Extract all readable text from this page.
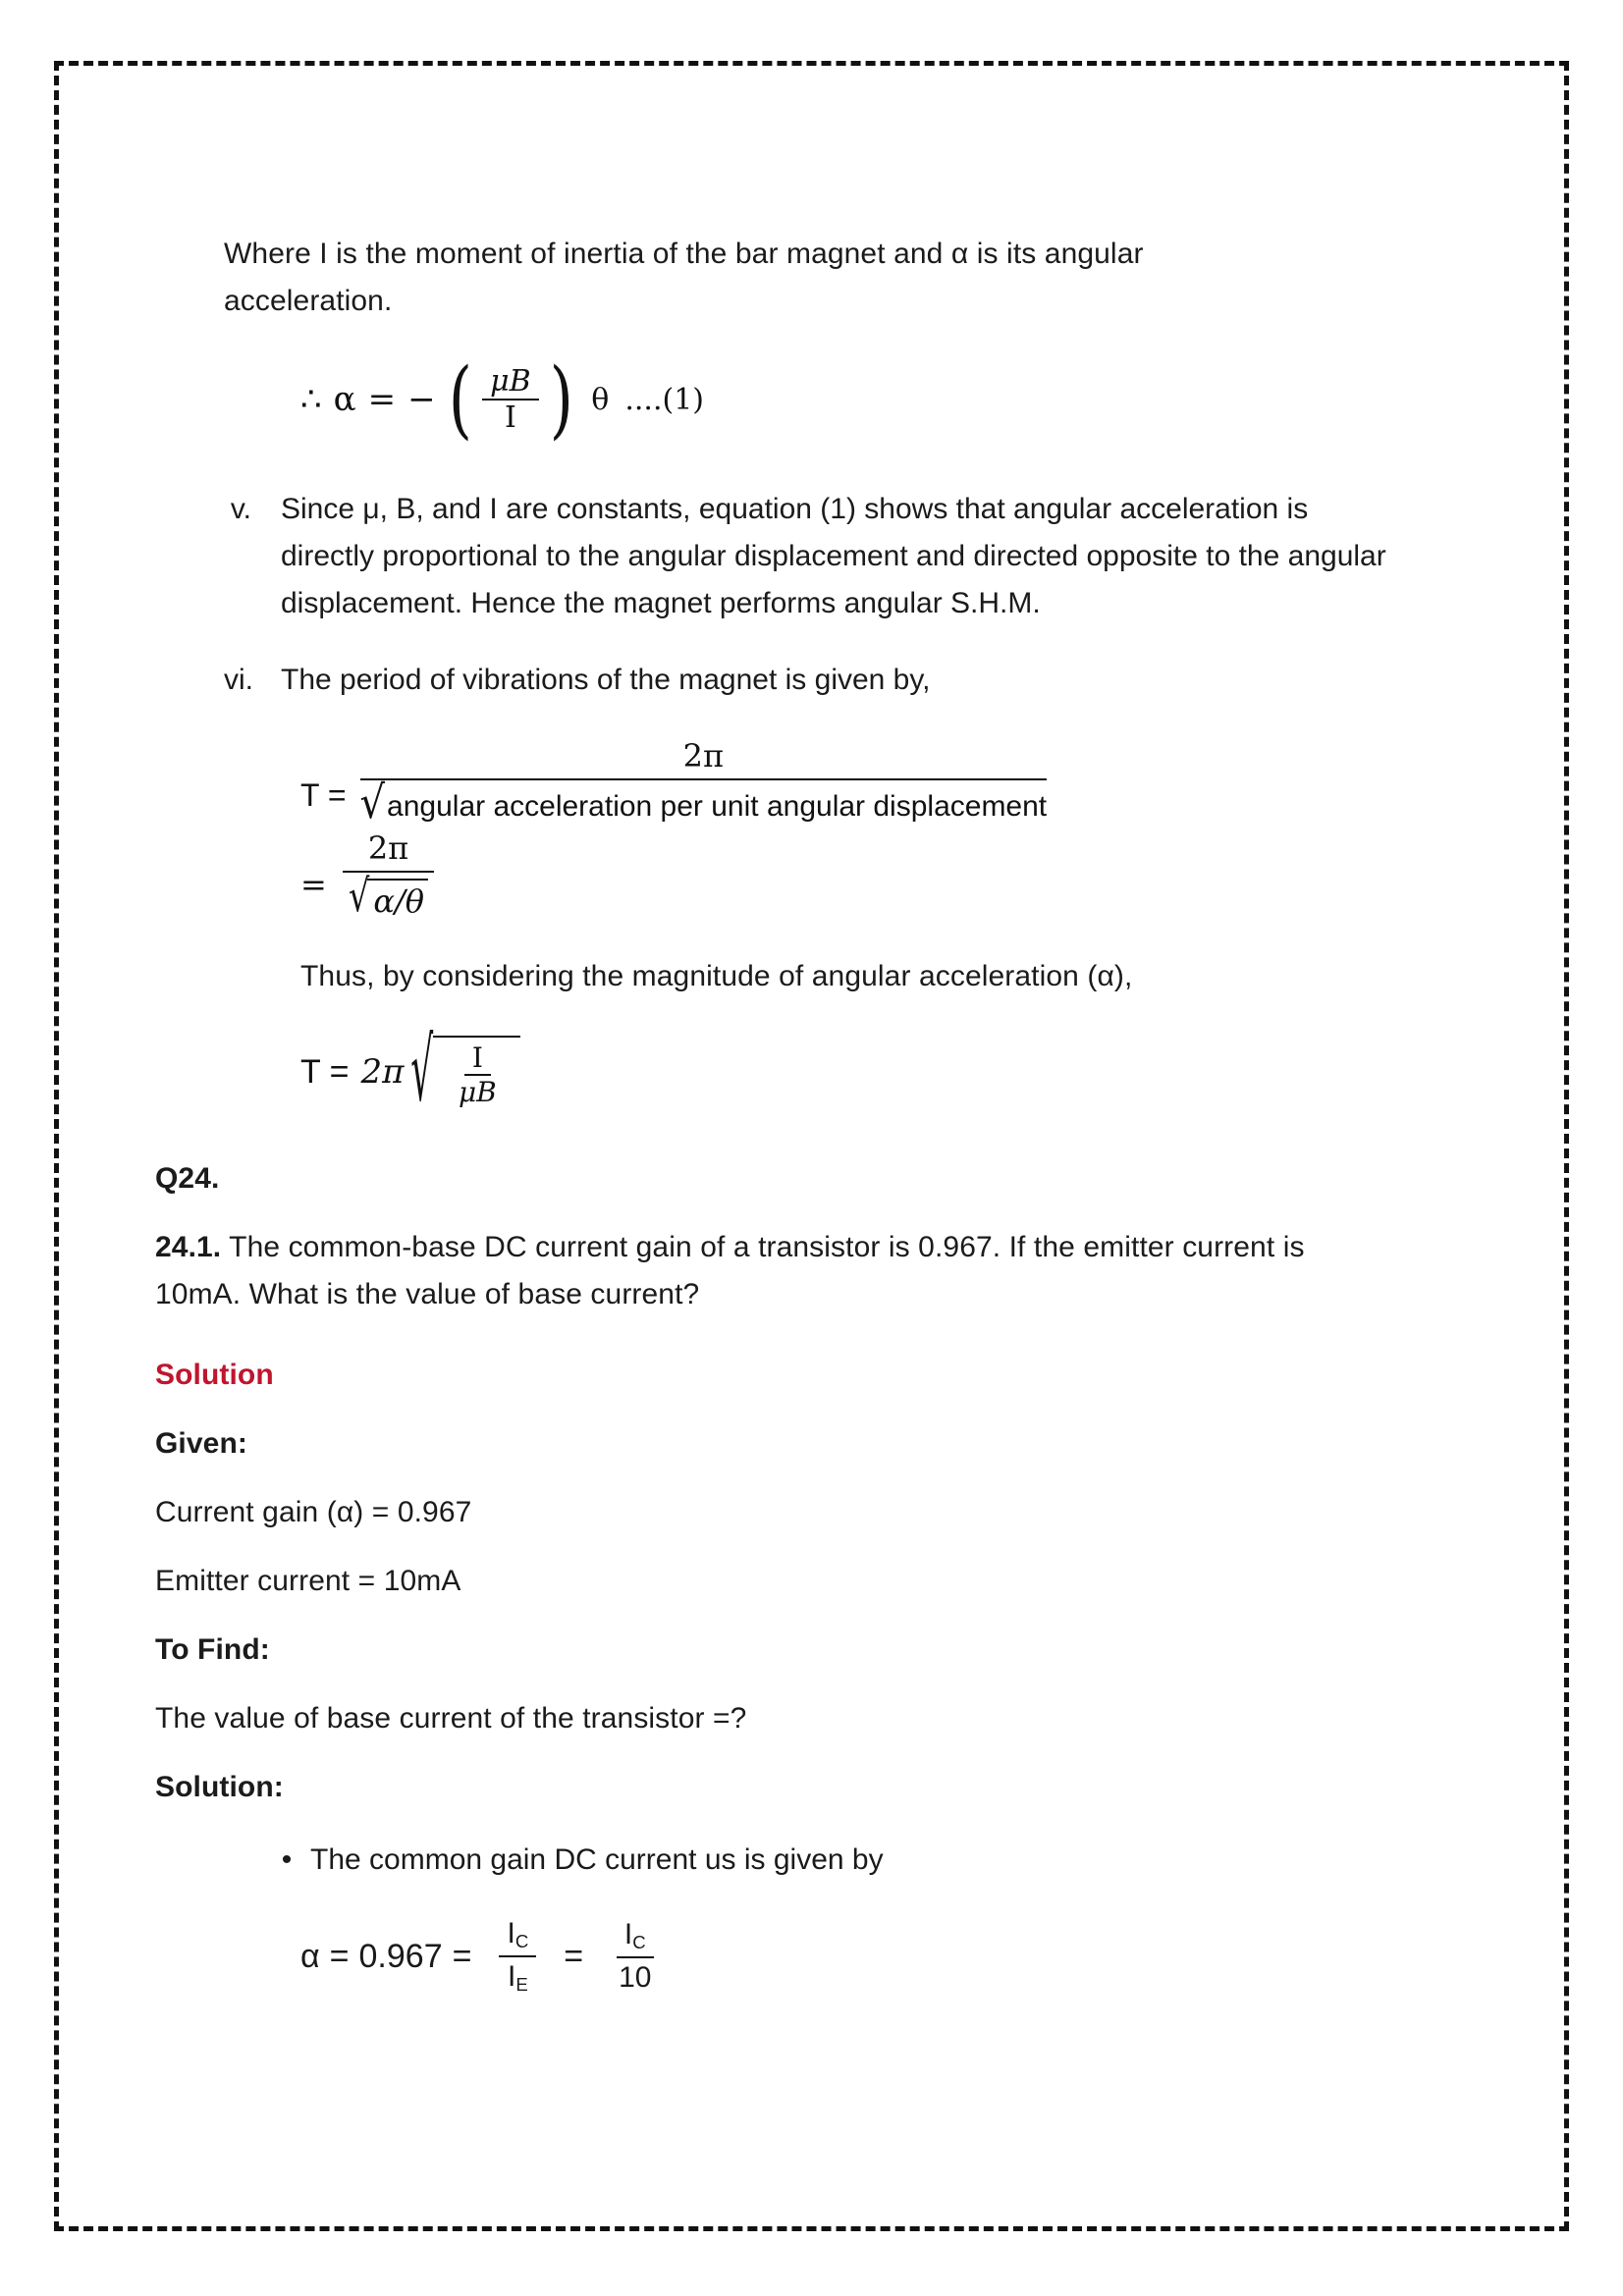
Where I is the moment of inertia of the bar magnet and α is its angular
acceleration.
∴ α = − ( $\frac{\mu B}{I}$ ) θ ....(1)
v.	Since μ, B, and I are constants, equation (1) shows that angular acceleration is directly proportional to the angular displacement and directed opposite to the angular displacement. Hence the magnet performs angular S.H.M.
vi. The period of vibrations of the magnet is given by,
T =
2π
√ angular acceleration per unit angular displacement
= $\frac{2\pi}{√ \alpha/\theta}$
Thus, by considering the magnitude of angular acceleration (α),
T = 2π √ $\frac{I}{\mu B}$
Q24.
24.1. The common-base DC current gain of a transistor is 0.967. If the emitter current is 10mA. What is the value of base current?
Solution
Given:
Current gain (α) = 0.967
Emitter current = 10mA
To Find:
The value of base current of the transistor =?
Solution:
• The common gain DC current us is given by
$\alpha = 0.967 = \frac{I_C}{I_E} = \frac{I_C}{10}$
